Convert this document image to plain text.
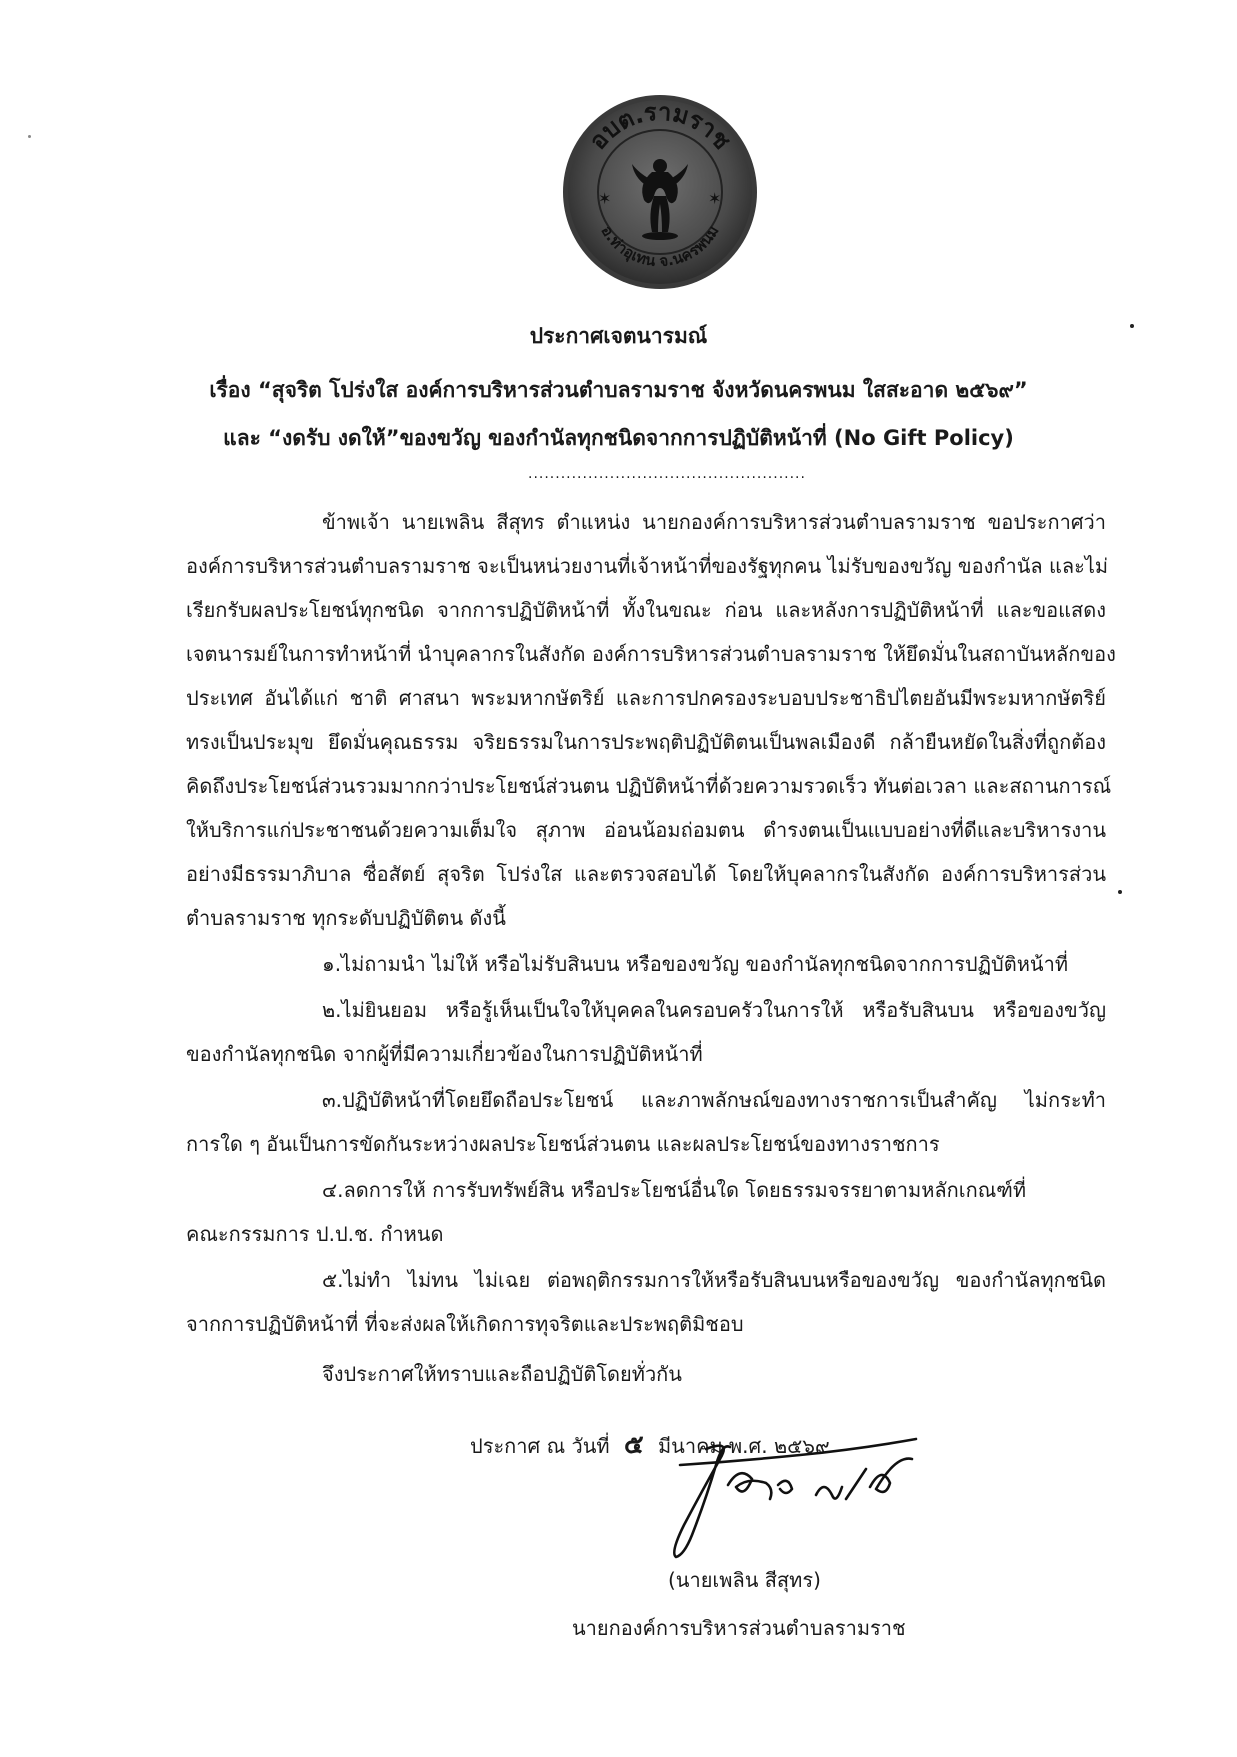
อบต.รามราช
อ.ท่าอุเทน จ.นครพนม
✶	✶
ประกาศเจตนารมณ์
เรื่อง “สุจริต โปร่งใส องค์การบริหารส่วนตำบลรามราช จังหวัดนครพนม ใสสะอาด ๒๕๖๙”
และ “งดรับ งดให้”ของขวัญ ของกำนัลทุกชนิดจากการปฏิบัติหน้าที่ (No Gift Policy)
...................................................
ข้าพเจ้า นายเพลิน สีสุทร ตำแหน่ง นายกองค์การบริหารส่วนตำบลรามราช ขอประกาศว่า
องค์การบริหารส่วนตำบลรามราช จะเป็นหน่วยงานที่เจ้าหน้าที่ของรัฐทุกคน ไม่รับของขวัญ ของกำนัล และไม่
เรียกรับผลประโยชน์ทุกชนิด จากการปฏิบัติหน้าที่ ทั้งในขณะ ก่อน และหลังการปฏิบัติหน้าที่ และขอแสดง
เจตนารมย์ในการทำหน้าที่ นำบุคลากรในสังกัด องค์การบริหารส่วนตำบลรามราช ให้ยึดมั่นในสถาบันหลักของ
ประเทศ อันได้แก่ ชาติ ศาสนา พระมหากษัตริย์ และการปกครองระบอบประชาธิปไตยอันมีพระมหากษัตริย์
ทรงเป็นประมุข ยึดมั่นคุณธรรม จริยธรรมในการประพฤติปฏิบัติตนเป็นพลเมืองดี กล้ายืนหยัดในสิ่งที่ถูกต้อง
คิดถึงประโยชน์ส่วนรวมมากกว่าประโยชน์ส่วนตน ปฏิบัติหน้าที่ด้วยความรวดเร็ว ทันต่อเวลา และสถานการณ์
ให้บริการแก่ประชาชนด้วยความเต็มใจ สุภาพ อ่อนน้อมถ่อมตน ดำรงตนเป็นแบบอย่างที่ดีและบริหารงาน
อย่างมีธรรมาภิบาล ซื่อสัตย์ สุจริต โปร่งใส และตรวจสอบได้ โดยให้บุคลากรในสังกัด องค์การบริหารส่วน
ตำบลรามราช ทุกระดับปฏิบัติตน ดังนี้
๑.ไม่ถามนำ ไม่ให้ หรือไม่รับสินบน หรือของขวัญ ของกำนัลทุกชนิดจากการปฏิบัติหน้าที่
๒.ไม่ยินยอม หรือรู้เห็นเป็นใจให้บุคคลในครอบครัวในการให้ หรือรับสินบน หรือของขวัญ
ของกำนัลทุกชนิด จากผู้ที่มีความเกี่ยวข้องในการปฏิบัติหน้าที่
๓.ปฏิบัติหน้าที่โดยยึดถือประโยชน์ และภาพลักษณ์ของทางราชการเป็นสำคัญ ไม่กระทำ
การใด ๆ อันเป็นการขัดกันระหว่างผลประโยชน์ส่วนตน และผลประโยชน์ของทางราชการ
๔.ลดการให้ การรับทรัพย์สิน หรือประโยชน์อื่นใด โดยธรรมจรรยาตามหลักเกณฑ์ที่
คณะกรรมการ ป.ป.ช. กำหนด
๕.ไม่ทำ ไม่ทน ไม่เฉย ต่อพฤติกรรมการให้หรือรับสินบนหรือของขวัญ ของกำนัลทุกชนิด
จากการปฏิบัติหน้าที่ ที่จะส่งผลให้เกิดการทุจริตและประพฤติมิชอบ
จึงประกาศให้ทราบและถือปฏิบัติโดยทั่วกัน
ประกาศ ณ วันที่ ๕ มีนาคม พ.ศ. ๒๕๖๙
(นายเพลิน สีสุทร)
นายกองค์การบริหารส่วนตำบลรามราช
